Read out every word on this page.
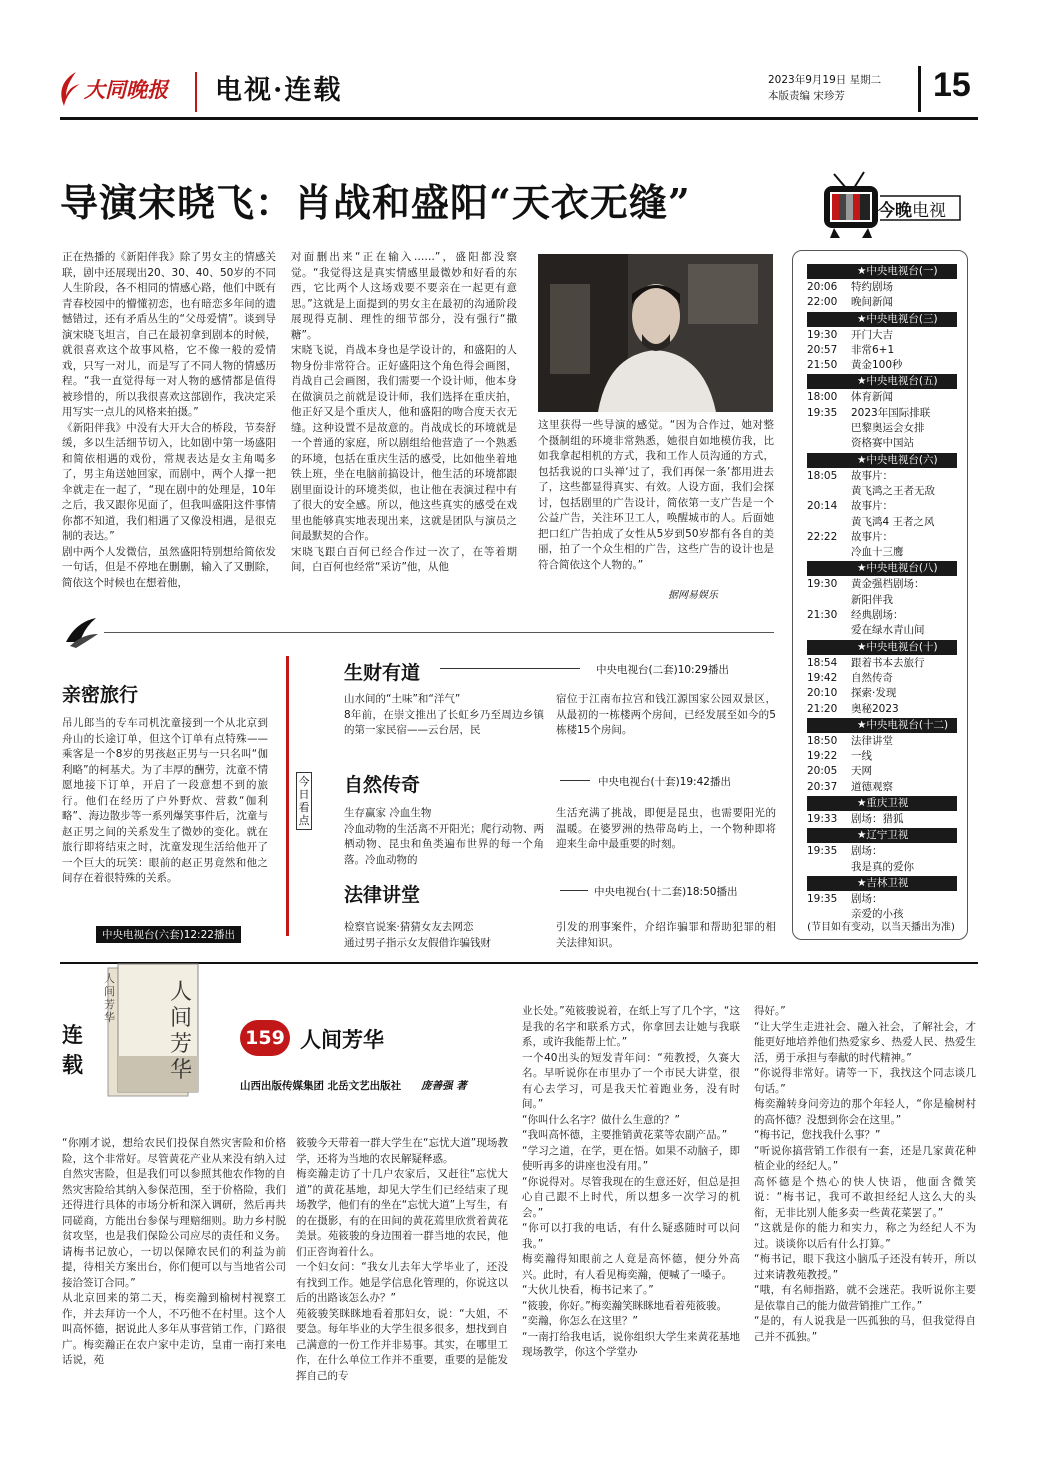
大同晚报 电视·连载	2023年9月19日 星期二
本版责编 宋珍芳	15
导演宋晓飞：肖战和盛阳“天衣无缝”
正在热播的《新阳伴我》除了男女主的情感关联，剧中还展现出20、30、40、50岁的不同人生阶段，各不相同的情感心路，他们中既有青春校园中的懵懂初恋，也有暗恋多年间的遗憾错过，还有矛盾丛生的“父母爱情”。谈到导演宋晓飞坦言，自己在最初拿到剧本的时候，就很喜欢这个故事风格，它不像一般的爱情戏，只写一对儿，而是写了不同人物的情感历程。“我一直觉得每一对人物的感情都是值得被珍惜的，所以我很喜欢这部剧作，我决定采用写实一点儿的风格来拍摄。”
《新阳伴我》中没有大开大合的桥段，节奏舒缓，多以生活细节切入，比如剧中第一场盛阳和简依相遇的戏份，常规表达是女主角喝多了，男主角送她回家，而剧中，两个人撑一把伞就走在一起了，“现在剧中的处理是，10年之后，我又跟你见面了，但我叫盛阳这件事情你都不知道，我们相遇了又像没相遇，是很克制的表达。”
剧中两个人发微信，虽然盛阳特别想给简依发一句话，但是不停地在删删，输入了又删除，简依这个时候也在想着他，
对面删出来“正在输入……”，盛阳都没察觉。“我觉得这是真实情感里最微妙和好看的东西，它比两个人这场戏要不要亲在一起更有意思。”这就是上面提到的男女主在最初的沟通阶段展现得克制、理性的细节部分，没有强行“撒糖”。
宋晓飞说，肖战本身也是学设计的，和盛阳的人物身份非常符合。正好盛阳这个角色得会画图，肖战自己会画图，我们需要一个设计师，他本身在做演员之前就是设计师，我们选择在重庆拍，他正好又是个重庆人，他和盛阳的吻合度天衣无缝。这种设置不是故意的。肖战成长的环境就是一个普通的家庭，所以剧组给他营造了一个熟悉的环境，包括在重庆生活的感受，比如他坐着地铁上班，坐在电脑前搞设计，他生活的环境都跟剧里面设计的环境类似，也让他在表演过程中有了很大的安全感。所以，他这些真实的感受在戏里也能够真实地表现出来，这就是团队与演员之间最默契的合作。
宋晓飞跟白百何已经合作过一次了，在等着期间，白百何也经常“采访”他，从他
这里获得一些导演的感觉。“因为合作过，她对整个摄制组的环境非常熟悉，她很自如地模仿我，比如我拿起相机的方式，我和工作人员沟通的方式，包括我说的口头禅‘过了，我们再保一条’都用进去了，这些都显得真实、有效。人设方面，我们会探讨，包括剧里的广告设计，简依第一支广告是一个公益广告，关注环卫工人，唤醒城市的人。后面她把口红广告拍成了女性从5岁到50岁都有各自的美丽，拍了一个众生相的广告，这些广告的设计也是符合简依这个人物的。”
据网易娱乐
今晚电视
★中央电视台(一)
20:06	特约剧场
22:00	晚间新闻
★中央电视台(三)
19:30	开门大吉
20:57	非常6+1
21:50	黄金100秒
★中央电视台(五)
18:00	体育新闻
19:35	2023年国际排联
巴黎奥运会女排
资格赛中国站
★中央电视台(六)
18:05	故事片：
黄飞鸿之王者无敌
20:14	故事片：
黄飞鸿4 王者之风
22:22	故事片：
冷血十三鹰
★中央电视台(八)
19:30	黄金强档剧场：
新阳伴我
21:30	经典剧场：
爱在绿水青山间
★中央电视台(十)
18:54	跟着书本去旅行
19:42	自然传奇
20:10	探索·发现
21:20	奥秘2023
★中央电视台(十二)
18:50	法律讲堂
19:22	一线
20:05	天网
20:37	道德观察
★重庆卫视
19:33	剧场：猎狐
★辽宁卫视
19:35	剧场：
我是真的爱你
★吉林卫视
19:35	剧场：
亲爱的小孩
(节目如有变动，以当天播出为准)
亲密旅行
吊儿郎当的专车司机沈童接到一个从北京到舟山的长途订单，但这个订单有点特殊——乘客是一个8岁的男孩赵正男与一只名叫“伽利略”的柯基犬。为了丰厚的酬劳，沈童不情愿地接下订单，开启了一段意想不到的旅行。他们在经历了户外野炊、营救“伽利略”、海边散步等一系列爆笑事件后，沈童与赵正男之间的关系发生了微妙的变化。就在旅行即将结束之时，沈童发现生活给他开了一个巨大的玩笑：眼前的赵正男竟然和他之间存在着很特殊的关系。
中央电视台(六套)12:22播出
今日看点
生财有道	中央电视台(二套)10:29播出
山水间的“土味”和“洋气”
8年前，在崇文推出了长虹乡乃至周边乡镇的第一家民宿——云台居，民
宿位于江南布拉宫和钱江源国家公园双景区，从最初的一栋楼两个房间，已经发展至如今的5栋楼15个房间。
自然传奇	中央电视台(十套)19:42播出
生存赢家 冷血生物
冷血动物的生活离不开阳光；爬行动物、两栖动物、昆虫和鱼类遍布世界的每一个角落。冷血动物的
生活充满了挑战，即便是昆虫，也需要阳光的温暖。在婆罗洲的热带岛屿上，一个物种即将迎来生命中最重要的时刻。
法律讲堂	中央电视台(十二套)18:50播出
检察官说案·猜猜女友去网恋
通过男子指示女友假借诈骗钱财
引发的刑事案件，介绍诈骗罪和帮助犯罪的相关法律知识。
连载
人间芳华
人间芳华
159 人间芳华
山西出版传媒集团 北岳文艺出版社 庞善强 著
“你刚才说，想给农民们投保自然灾害险和价格险，这个非常好。尽管黄花产业从来没有纳入过自然灾害险，但是我们可以参照其他农作物的自然灾害险给其纳入参保范围，至于价格险，我们还得进行具体的市场分析和深入调研，然后再共同磋商，方能出台参保与理赔细则。助力乡村脱贫攻坚，也是我们保险公司应尽的责任和义务。请梅书记放心，一切以保障农民们的利益为前提，待相关方案出台，你们便可以与当地省公司接洽签订合同。”
从北京回来的第二天，梅奕瀚到榆树村视察工作，并去拜访一个人，不巧他不在村里。这个人叫高怀德，据说此人多年从事营销工作，门路很广。梅奕瀚正在农户家中走访，皇甫一南打来电话说，苑
筱骏今天带着一群大学生在“忘忧大道”现场教学，还将为当地的农民解疑释惑。
梅奕瀚走访了十几户农家后，又赶往“忘忧大道”的黄花基地，却见大学生们已经结束了现场教学，他们有的坐在“忘忧大道”上写生，有的在摄影，有的在田间的黄花蔫里欣赏着黄花美景。苑筱骏的身边围着一群当地的农民，他们正咨询着什么。
一个妇女问：“我女儿去年大学毕业了，还没有找到工作。她是学信息化管理的，你说这以后的出路该怎么办？”
苑筱骏笑眯眯地看着那妇女，说：“大姐，不要急。每年毕业的大学生很多很多，想找到自己满意的一份工作并非易事。其实，在哪里工作，在什么单位工作并不重要，重要的是能发挥自己的专
业长处。”苑筱骏说着，在纸上写了几个字，“这是我的名字和联系方式，你拿回去让她与我联系，或许我能帮上忙。”
一个40出头的短发青年问：“苑教授，久赛大名。早听说你在市里办了一个市民大讲堂，很有心去学习，可是我天忙着跑业务，没有时间。”
“你叫什么名字？做什么生意的？”
“我叫高怀德，主要推销黄花菜等农副产品。”
“学习之道，在学，更在悟。如果不动脑子，即使听再多的讲座也没有用。”
“你说得对。尽管我现在的生意还好，但总是担心自己跟不上时代，所以想多一次学习的机会。”
“你可以打我的电话，有什么疑惑随时可以问我。”
梅奕瀚得知眼前之人竟是高怀德，便分外高兴。此时，有人看见梅奕瀚，便喊了一嗓子。
“大伙儿快看，梅书记来了。”
“筱骏，你好。”梅奕瀚笑眯眯地看着苑筱骏。
“奕瀚，你怎么在这里？”
“一南打给我电话，说你组织大学生来黄花基地现场教学，你这个学堂办
得好。”
“让大学生走进社会、融入社会，了解社会，才能更好地培养他们热爱家乡、热爱人民、热爱生活，勇于承担与奉献的时代精神。”
“你说得非常好。请等一下，我找这个同志谈几句话。”
梅奕瀚转身问旁边的那个年轻人，“你是榆树村的高怀德？没想到你会在这里。”
“梅书记，您找我什么事？”
“听说你搞营销工作很有一套，还是几家黄花种植企业的经纪人。”
高怀德是个热心的快人快语，他面含微笑说：“梅书记，我可不敢担经纪人这么大的头衔，无非比别人能多卖一些黄花菜罢了。”
“这就是你的能力和实力，称之为经纪人不为过。谈谈你以后有什么打算。”
“梅书记，眼下我这小脑瓜子还没有转开，所以过来请教苑教授。”
“哦，有名师指路，就不会迷茫。我听说你主要是依靠自己的能力做营销推广工作。”
“是的，有人说我是一匹孤独的马，但我觉得自己并不孤独。”
